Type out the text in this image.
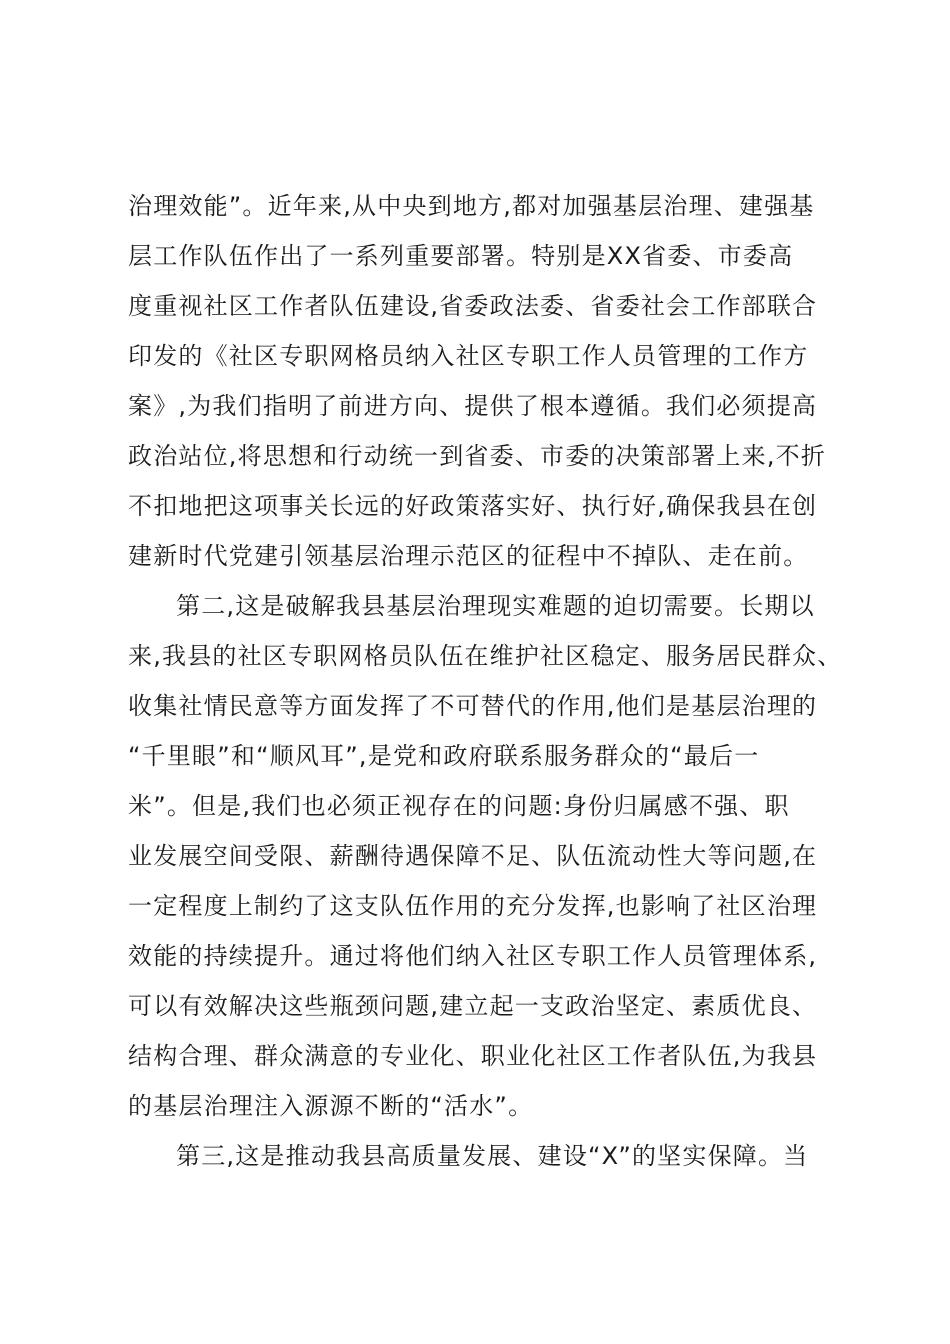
治理效能”。近年来,从中央到地方,都对加强基层治理、建强基
层工作队伍作出了一系列重要部署。特别是XX省委、市委高
度重视社区工作者队伍建设,省委政法委、省委社会工作部联合
印发的《社区专职网格员纳入社区专职工作人员管理的工作方
案》,为我们指明了前进方向、提供了根本遵循。我们必须提高
政治站位,将思想和行动统一到省委、市委的决策部署上来,不折
不扣地把这项事关长远的好政策落实好、执行好,确保我县在创
建新时代党建引领基层治理示范区的征程中不掉队、走在前。
第二,这是破解我县基层治理现实难题的迫切需要。长期以
来,我县的社区专职网格员队伍在维护社区稳定、服务居民群众、
收集社情民意等方面发挥了不可替代的作用,他们是基层治理的
“千里眼”和“顺风耳”,是党和政府联系服务群众的“最后一
米”。但是,我们也必须正视存在的问题:身份归属感不强、职
业发展空间受限、薪酬待遇保障不足、队伍流动性大等问题,在
一定程度上制约了这支队伍作用的充分发挥,也影响了社区治理
效能的持续提升。通过将他们纳入社区专职工作人员管理体系,
可以有效解决这些瓶颈问题,建立起一支政治坚定、素质优良、
结构合理、群众满意的专业化、职业化社区工作者队伍,为我县
的基层治理注入源源不断的“活水”。
第三,这是推动我县高质量发展、建设“X”的坚实保障。当
